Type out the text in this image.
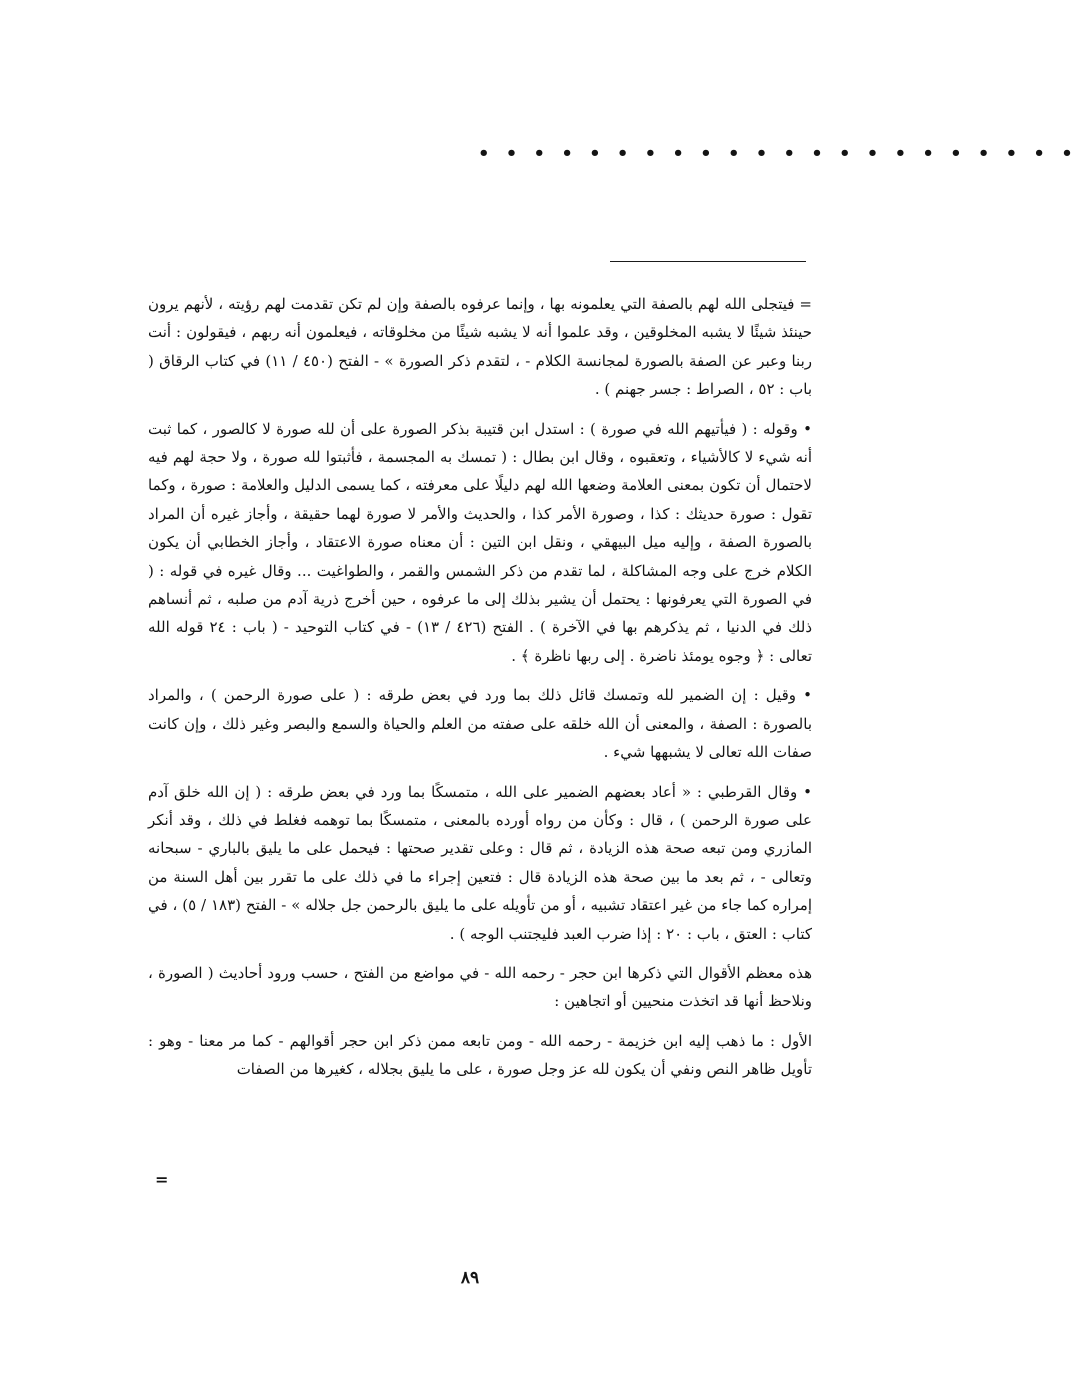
• • • • • • • • • • • • • • • • • • • • • •

= فيتجلى الله لهم بالصفة التي يعلمونه بها ، وإنما عرفوه بالصفة وإن لم تكن تقدمت لهم رؤيته ، لأنهم يرون حينئذ شيئًا لا يشبه المخلوقين ، وقد علموا أنه لا يشبه شيئًا من مخلوقاته ، فيعلمون أنه ربهم ، فيقولون : أنت ربنا وعبر عن الصفة بالصورة لمجانسة الكلام - ، لتقدم ذكر الصورة » - الفتح (٤٥٠ / ١١) في كتاب الرقاق ( باب : ٥٢ ، الصراط : جسر جهنم ) .

• وقوله : ( فيأتيهم الله في صورة ) : استدل ابن قتيبة بذكر الصورة على أن لله صورة لا كالصور ، كما ثبت أنه شيء لا كالأشياء ، وتعقبوه ، وقال ابن بطال : ( تمسك به المجسمة ، فأثبتوا لله صورة ، ولا حجة لهم فيه لاحتمال أن تكون بمعنى العلامة وضعها الله لهم دليلًا على معرفته ، كما يسمى الدليل والعلامة : صورة ، وكما تقول : صورة حديثك : كذا ، وصورة الأمر كذا ، والحديث والأمر لا صورة لهما حقيقة ، وأجاز غيره أن المراد بالصورة الصفة ، وإليه ميل البيهقي ، ونقل ابن التين : أن معناه صورة الاعتقاد ، وأجاز الخطابي أن يكون الكلام خرج على وجه المشاكلة ، لما تقدم من ذكر الشمس والقمر ، والطواغيت ... وقال غيره في قوله : ( في الصورة التي يعرفونها : يحتمل أن يشير بذلك إلى ما عرفوه ، حين أخرج ذرية آدم من صلبه ، ثم أنساهم ذلك في الدنيا ، ثم يذكرهم بها في الآخرة ) . الفتح (٤٢٦ / ١٣) - في كتاب التوحيد - ( باب : ٢٤ قوله الله تعالى : ﴿ وجوه يومئذ ناضرة . إلى ربها ناظرة ﴾ .

• وقيل : إن الضمير لله وتمسك قائل ذلك بما ورد في بعض طرقه : ( على صورة الرحمن ) ، والمراد بالصورة : الصفة ، والمعنى أن الله خلقه على صفته من العلم والحياة والسمع والبصر وغير ذلك ، وإن كانت صفات الله تعالى لا يشبهها شيء .

• وقال القرطبي : « أعاد بعضهم الضمير على الله ، متمسكًا بما ورد في بعض طرقه : ( إن الله خلق آدم على صورة الرحمن ) ، قال : وكأن من رواه أورده بالمعنى ، متمسكًا بما توهمه فغلط في ذلك ، وقد أنكر المازري ومن تبعه صحة هذه الزيادة ، ثم قال : وعلى تقدير صحتها : فيحمل على ما يليق بالباري - سبحانه وتعالى - ، ثم بعد ما بين صحة هذه الزيادة قال : فتعين إجراء ما في ذلك على ما تقرر بين أهل السنة من إمراره كما جاء من غير اعتقاد تشبيه ، أو من تأويله على ما يليق بالرحمن جل جلاله » - الفتح (١٨٣ / ٥) ، في كتاب : العتق ، باب : ٢٠ : إذا ضرب العبد فليجتنب الوجه ) .

هذه معظم الأقوال التي ذكرها ابن حجر - رحمه الله - في مواضع من الفتح ، حسب ورود أحاديث ( الصورة ، ونلاحظ أنها قد اتخذت منحيين أو اتجاهين :

الأول : ما ذهب إليه ابن خزيمة - رحمه الله - ومن تابعه ممن ذكر ابن حجر أقوالهم - كما مر معنا - وهو : تأويل ظاهر النص ونفي أن يكون لله عز وجل صورة ، على ما يليق بجلاله ، كغيرها من الصفات

=
٨٩
